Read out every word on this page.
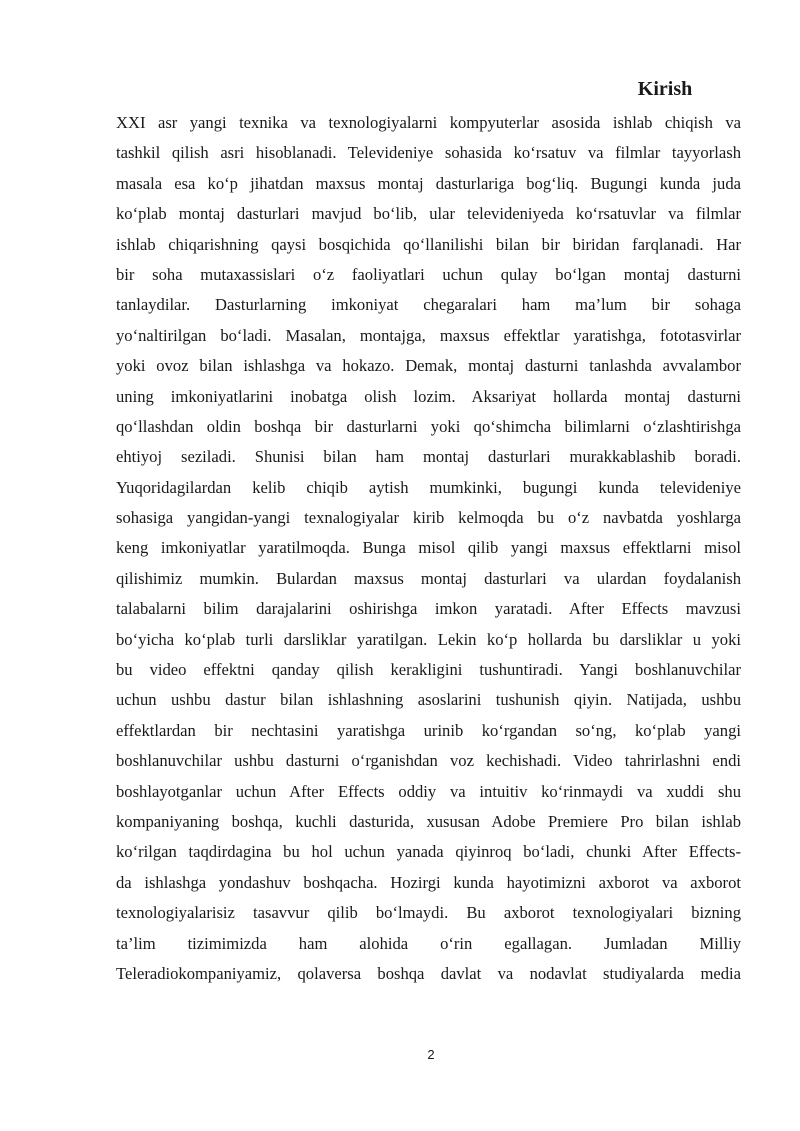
Kirish
XXI asr yangi texnika va texnologiyalarni kompyuterlar asosida ishlab chiqish va
tashkil qilish asri hisoblanadi. Televideniye sohasida ko‘rsatuv va filmlar tayyorlash
masala esa ko‘p jihatdan maxsus montaj dasturlariga bog‘liq. Bugungi kunda juda
ko‘plab montaj dasturlari mavjud bo‘lib, ular televideniyeda ko‘rsatuvlar va filmlar
ishlab chiqarishning qaysi bosqichida qo‘llanilishi bilan bir biridan farqlanadi. Har
bir soha mutaxassislari o‘z faoliyatlari uchun qulay bo‘lgan montaj dasturni
tanlaydilar. Dasturlarning imkoniyat chegaralari ham ma’lum bir sohaga
yo‘naltirilgan bo‘ladi. Masalan, montajga, maxsus effektlar yaratishga, fototasvirlar
yoki ovoz bilan ishlashga va hokazo. Demak, montaj dasturni tanlashda avvalambor
uning imkoniyatlarini inobatga olish lozim. Aksariyat hollarda montaj dasturni
qo‘llashdan oldin boshqa bir dasturlarni yoki qo‘shimcha bilimlarni o‘zlashtirishga
ehtiyoj seziladi. Shunisi bilan ham montaj dasturlari murakkablashib boradi.
Yuqoridagilardan kelib chiqib aytish mumkinki, bugungi kunda televideniye
sohasiga yangidan-yangi texnalogiyalar kirib kelmoqda bu o‘z navbatda yoshlarga
keng imkoniyatlar yaratilmoqda. Bunga misol qilib yangi maxsus effektlarni misol
qilishimiz mumkin. Bulardan maxsus montaj dasturlari va ulardan foydalanish
talabalarni bilim darajalarini oshirishga imkon yaratadi. After Effects mavzusi
bo‘yicha ko‘plab turli darsliklar yaratilgan. Lekin ko‘p hollarda bu darsliklar u yoki
bu video effektni qanday qilish kerakligini tushuntiradi. Yangi boshlanuvchilar
uchun ushbu dastur bilan ishlashning asoslarini tushunish qiyin. Natijada, ushbu
effektlardan bir nechtasini yaratishga urinib ko‘rgandan so‘ng, ko‘plab yangi
boshlanuvchilar ushbu dasturni o‘rganishdan voz kechishadi. Video tahrirlashni endi
boshlayotganlar uchun After Effects oddiy va intuitiv ko‘rinmaydi va xuddi shu
kompaniyaning boshqa, kuchli dasturida, xususan Adobe Premiere Pro bilan ishlab
ko‘rilgan taqdirdagina bu hol uchun yanada qiyinroq bo‘ladi, chunki After Effects-
da ishlashga yondashuv boshqacha. Hozirgi kunda hayotimizni axborot va axborot
texnologiyalarisiz tasavvur qilib bo‘lmaydi. Bu axborot texnologiyalari bizning
ta’lim tizimimizda ham alohida o‘rin egallagan. Jumladan Milliy
Teleradiokompaniyamiz, qolaversa boshqa davlat va nodavlat studiyalarda media
2
